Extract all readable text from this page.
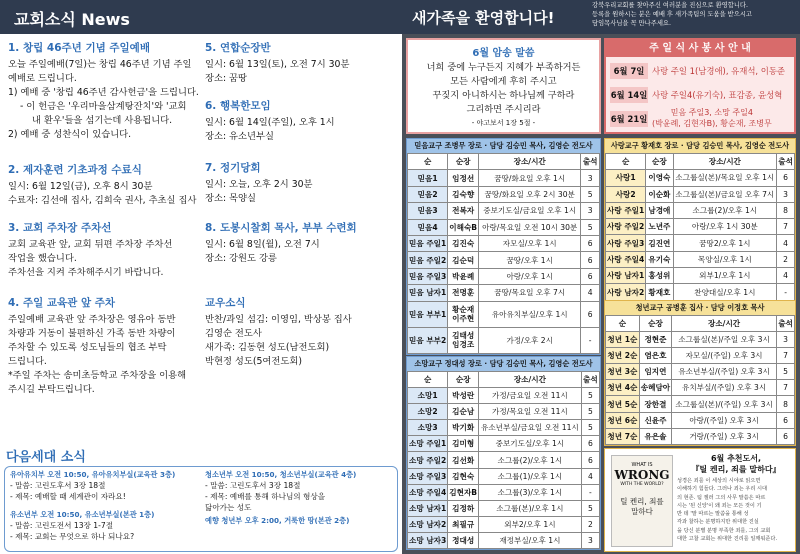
교회소식 News	새가족을 환영합니다!
강북우리교회를 찾아주신 여러분을 진심으로 환영합니다.
등록을 원하시는 분은 예배 후 새가족팀의 도움을 받으시고
담임목사님을 꼭 만나주세요.
1. 창립 46주년 기념 주일예배
오늘 주일예배(7일)는 창립 46주년 기념 주일
예배로 드립니다.
1) 예배 중 '창립 46주년 감사헌금'을 드립니다.
- 이 헌금은 '우리마을삼계탕잔치'와 '교회
내 환우'들을 섬기는데 사용됩니다.
2) 예배 중 성찬식이 있습니다.
2. 제자훈련 기초과정 수료식
일시: 6월 12일(금), 오후 8시 30분
수료자: 김선애 집사, 김희숙 권사, 추초실 집사
3. 교회 주차장 주차선
교회 교육관 앞, 교회 뒤편 주차장 주차선
작업을 했습니다.
주차선을 지켜 주차해주시기 바랍니다.
4. 주일 교육관 앞 주차
주일예배 교육관 앞 주차장은 영유아 동반
차량과 거동이 불편하신 가족 동반 차량이
주차할 수 있도록 성도님들의 협조 부탁
드립니다.
*주일 주차는 송미초등학교 주차장을 이용해
주시길 부탁드립니다.
5. 연합순장반
일시: 6월 13일(토), 오전 7시 30분
장소: 꿈땅
6. 행복한모임
일시: 6월 14일(주일), 오후 1시
장소: 유소년부실
7. 정기당회
일시: 오늘, 오후 2시 30분
장소: 목양실
8. 도봉시찰회 목사, 부부 수련회
일시: 6월 8일(월), 오전 7시
장소: 강원도 강릉
교우소식
반찬/과일 섬김: 이영임, 박상봉 집사
김영순 전도사
새가족: 김동현 성도(남전도회)
박현정 성도(5여전도회)
다음세대 소식
유아유치부 오전 10:50, 유아유치부실(교육관 3층)
- 말씀: 고린도후서 3장 18절
- 제목: 예배할 때 세계관이 자라요!
유소년부 오전 10:50, 유소년부실(본관 1층)
- 말씀: 고린도전서 13장 1-7절
- 제목: 교회는 무엇으로 하나 되나요?
청소년부 오전 10:50, 청소년부실(교육관 4층)
- 말씀: 고린도후서 3장 18절
- 제목: 예배를 통해 하나님의 형상을
닮아가는 성도
예향 청년부 오후 2:00, 거룩한 땅(본관 2층)
6월 암송 말씀
너희 중에 누구든지 지혜가 부족하거든
모든 사람에게 후히 주시고
꾸짖지 아니하시는 하나님께 구하라
그리하면 주시리라
- 야고보서 1장 5절 -
주 일 식 사 봉 사 안 내
6월 7일 사랑 주일 1(남경애), 유재석, 이동준
6월 14일 사랑 주일4(유기숙), 표감종, 윤성혁
6월 21일
믿음 주일3, 소망 주일4
(박윤례, 김현자B), 황순재, 조병무
믿음교구 조병무 장로 · 담당 김승민 목사, 김영순 전도사
순	순장	장소/시간	출석
믿음1	임정선	꿈땅/화요일 오후 1시	3
믿음2	김숙향	꿈땅/화요일 오후 2시 30분	5
믿음3	전복자	중보기도실/금요일 오후 1시	3
믿음4	이해숙B	아랑/목요일 오전 10시 30분	5
믿음 주일1	김진숙	자모실/오후 1시	6
믿음 주일2	김순덕	꿈땅/오후 1시	6
믿음 주일3	박윤례	아랑/오후 1시	6
믿음 남자1	전명훈	꿈땅/목요일 오후 7시	4
믿음 부부1	황순재
이주현	유아유치부실/오후 1시	6
믿음 부부2	김태성
임경조	가정/오후 2시	-
소망교구 정대성 장로 · 담당 김승민 목사, 김영순 전도사
순	순장	장소/시간	출석
소망1	박성란	가정/금요일 오전 11시	5
소망2	김순남	가정/목요일 오전 11시	5
소망3	박기화	유소년부실/금요일 오전 11시	5
소망 주일1	김미형	중보기도실/오후 1시	6
소망 주일2	김선화	소그룹(2)/오후 1시	6
소망 주일3	김현숙	소그룹(1)/오후 1시	4
소망 주일4	김현자B	소그룹(3)/오후 1시	-
소망 남자1	김정하	소그룹(본)/오후 1시	5
소망 남자2	최필규	외부2/오후 1시	2
소망 남자3	정대성	재정부실/오후 1시	3
사랑교구 황재호 장로 · 담당 김승민 목사, 김영순 전도사
순	순장	장소/시간	출석
사랑1	이영숙	소그룹실(본)/목요일 오후 1시	6
사랑2	이순화	소그룹실(본)/금요일 오후 7시	3
사랑 주일1	남경애	소그룹(2)/오후 1시	8
사랑 주일2	노년주	아랑/오후 1시 30분	7
사랑 주일3	김진연	꿈땅2/오후 1시	4
사랑 주일4	유기숙	목양실/오후 1시	2
사랑 남자1	홍성위	외부1/오후 1시	4
사랑 남자2	황재호	찬양대실/오후 1시	-
청년교구 공병훈 집사 · 담당 이정호 목사
순	순장	장소/시간	출석
청년 1순	정현준	소그룹실(본)/주일 오후 3시	3
청년 2순	염은호	자모실/(주일) 오후 3시	7
청년 3순	임지연	유소년부실/(주일) 오후 3시	5
청년 4순	송혜담아	유치부실/(주일) 오후 3시	7
청년 5순	장한결	소그룹실(본)/(주일) 오후 3시	8
청년 6순	신윤주	아랑/(주일) 오후 3시	6
청년 7순	유은솔	거랑/(주일) 오후 3시	6
WHAT IS
WRONG
WITH THE WORLD?
틸 켄리, 죄를 말하다
6월 추천도서,
『틸 켄리, 죄를 말하다』
성경은 죄를 이 세상의 시야로 읽으면
이해하기 힘들다. 그러나 죄는 우리 시대
의 현존. 팀 켈러 그의 사무 말씀은 따르
시는 '된 신앙'이 왜 죄는 모든 것이 기
반 데 '말 따르는 말씀을 통해 성
각과 찰하는 분명하지만 위대한 진실
을 당신 분별 분명 부족한 죄를, 그의 교회
대한 고찰 교회는 위대한 진리를 일깨워준다.
